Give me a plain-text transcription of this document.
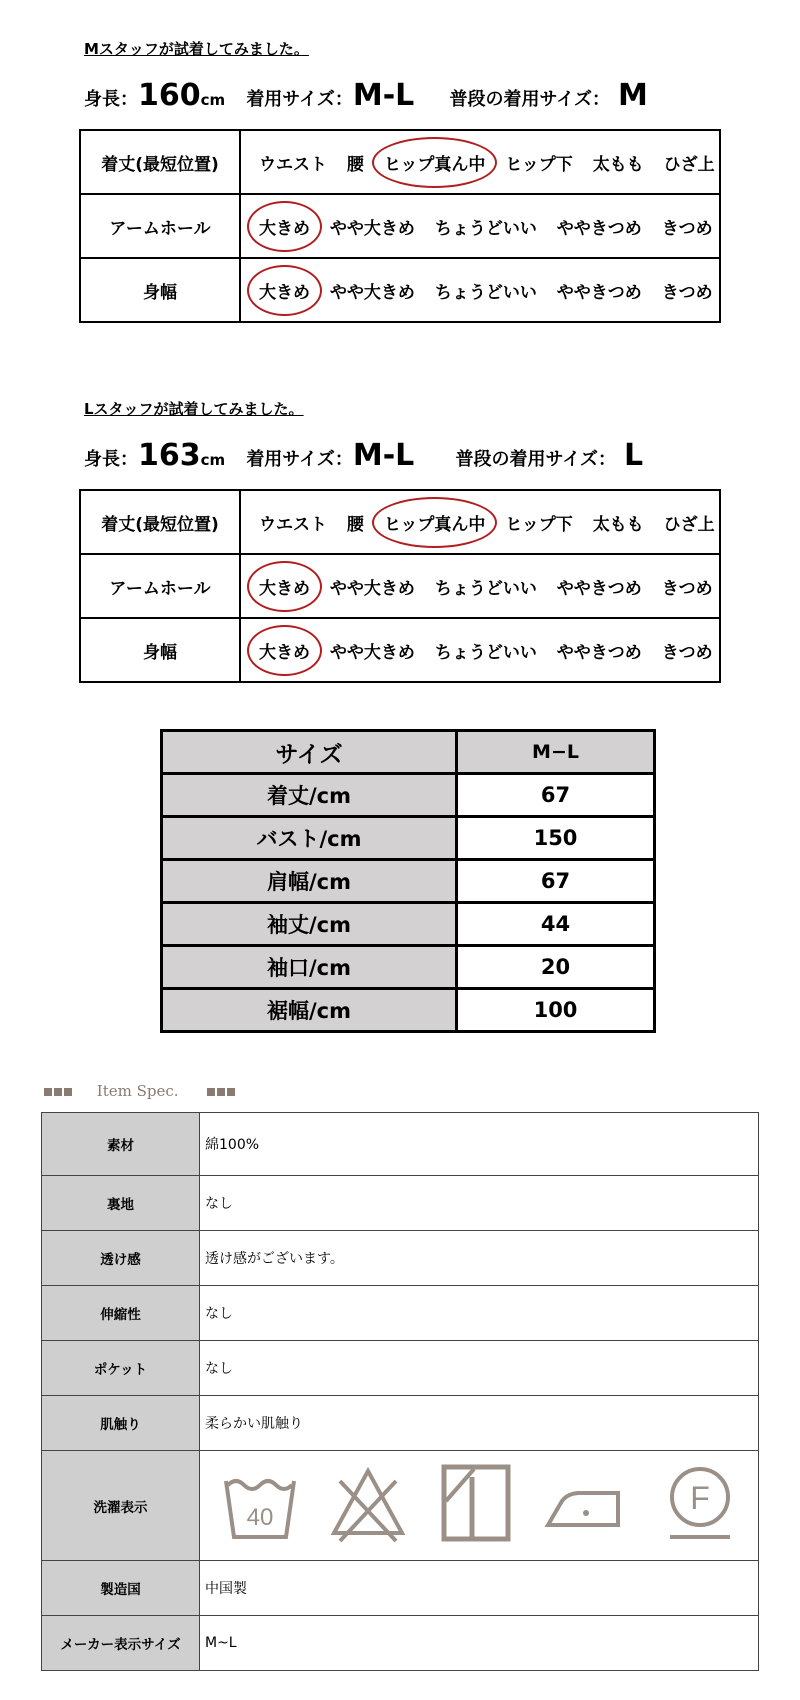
Mスタッフが試着してみました。
身長：160cm 着用サイズ：M-L 普段の着用サイズ： M
着丈(最短位置)	ウエスト 腰 ヒップ真ん中 ヒップ下 太もも ひざ上
アームホール	大きめ やや大きめ ちょうどいい ややきつめ きつめ
身幅	大きめ やや大きめ ちょうどいい ややきつめ きつめ
Lスタッフが試着してみました。
身長：163cm 着用サイズ：M-L 普段の着用サイズ： L
着丈(最短位置)	ウエスト 腰 ヒップ真ん中 ヒップ下 太もも ひざ上
アームホール	大きめ やや大きめ ちょうどいい ややきつめ きつめ
身幅	大きめ やや大きめ ちょうどいい ややきつめ きつめ
サイズ	M−L
着丈/cm	67
バスト/cm	150
肩幅/cm	67
袖丈/cm	44
袖口/cm	20
裾幅/cm	100
Item Spec.
素材	綿100%
裏地	なし
透け感	透け感がございます。
伸縮性	なし
ポケット	なし
肌触り	柔らかい肌触り
洗濯表示	40
F

製造国	中国製
メーカー表示サイズ	M~L
